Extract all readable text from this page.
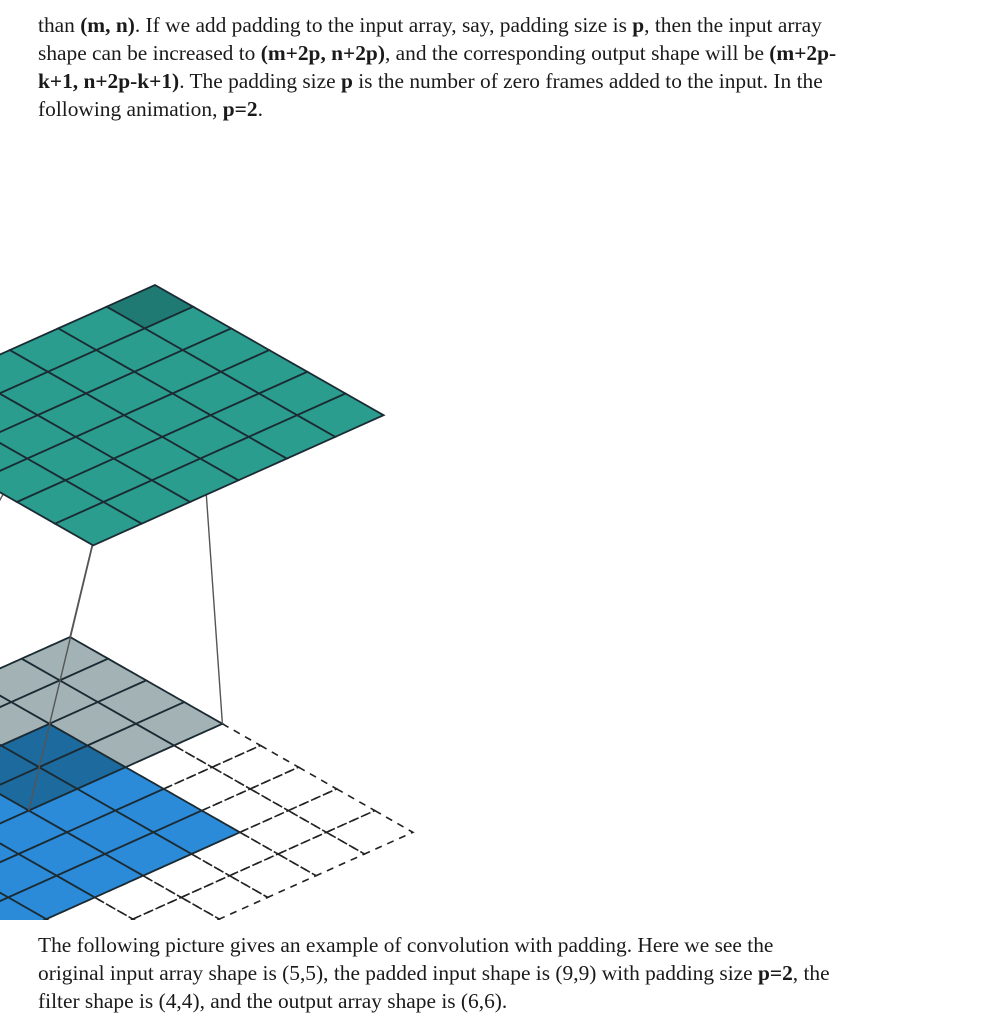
than (m, n). If we add padding to the input array, say, padding size is p, then the input array
shape can be increased to (m+2p, n+2p), and the corresponding output shape will be (m+2p-
k+1, n+2p-k+1). The padding size p is the number of zero frames added to the input. In the
following animation, p=2.
The following picture gives an example of convolution with padding. Here we see the
original input array shape is (5,5), the padded input shape is (9,9) with padding size p=2, the
filter shape is (4,4), and the output array shape is (6,6).
